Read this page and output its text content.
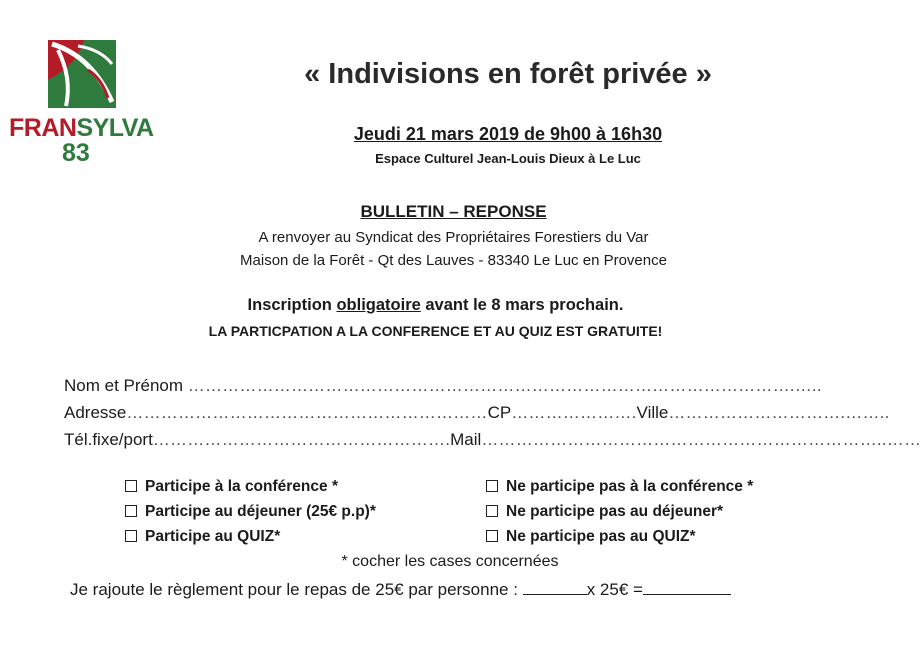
FRANSYLVA
83
« Indivisions en forêt privée »
Jeudi 21 mars 2019 de 9h00 à 16h30
Espace Culturel Jean-Louis Dieux à Le Luc
BULLETIN – REPONSE
A renvoyer au Syndicat des Propriétaires Forestiers du Var
Maison de la Forêt - Qt des Lauves - 83340 Le Luc en Provence
Inscription obligatoire avant le 8 mars prochain.
LA PARTICPATION A LA CONFERENCE ET AU QUIZ EST GRATUITE!
Nom et Prénom …………………………………………………………………………………………….…..
Adresse………………………………………………………CP………………….Ville………………………….……..
Tél.fixe/port…………………………………………….Mail……………………………………………………………..……
Participe à la conférence *
Participe au déjeuner (25€ p.p)*
Participe au QUIZ*
Ne participe pas à la conférence *
Ne participe pas au déjeuner*
Ne participe pas au QUIZ*
* cocher les cases concernées
Je rajoute le règlement pour le repas de 25€ par personne :	x 25€ =
